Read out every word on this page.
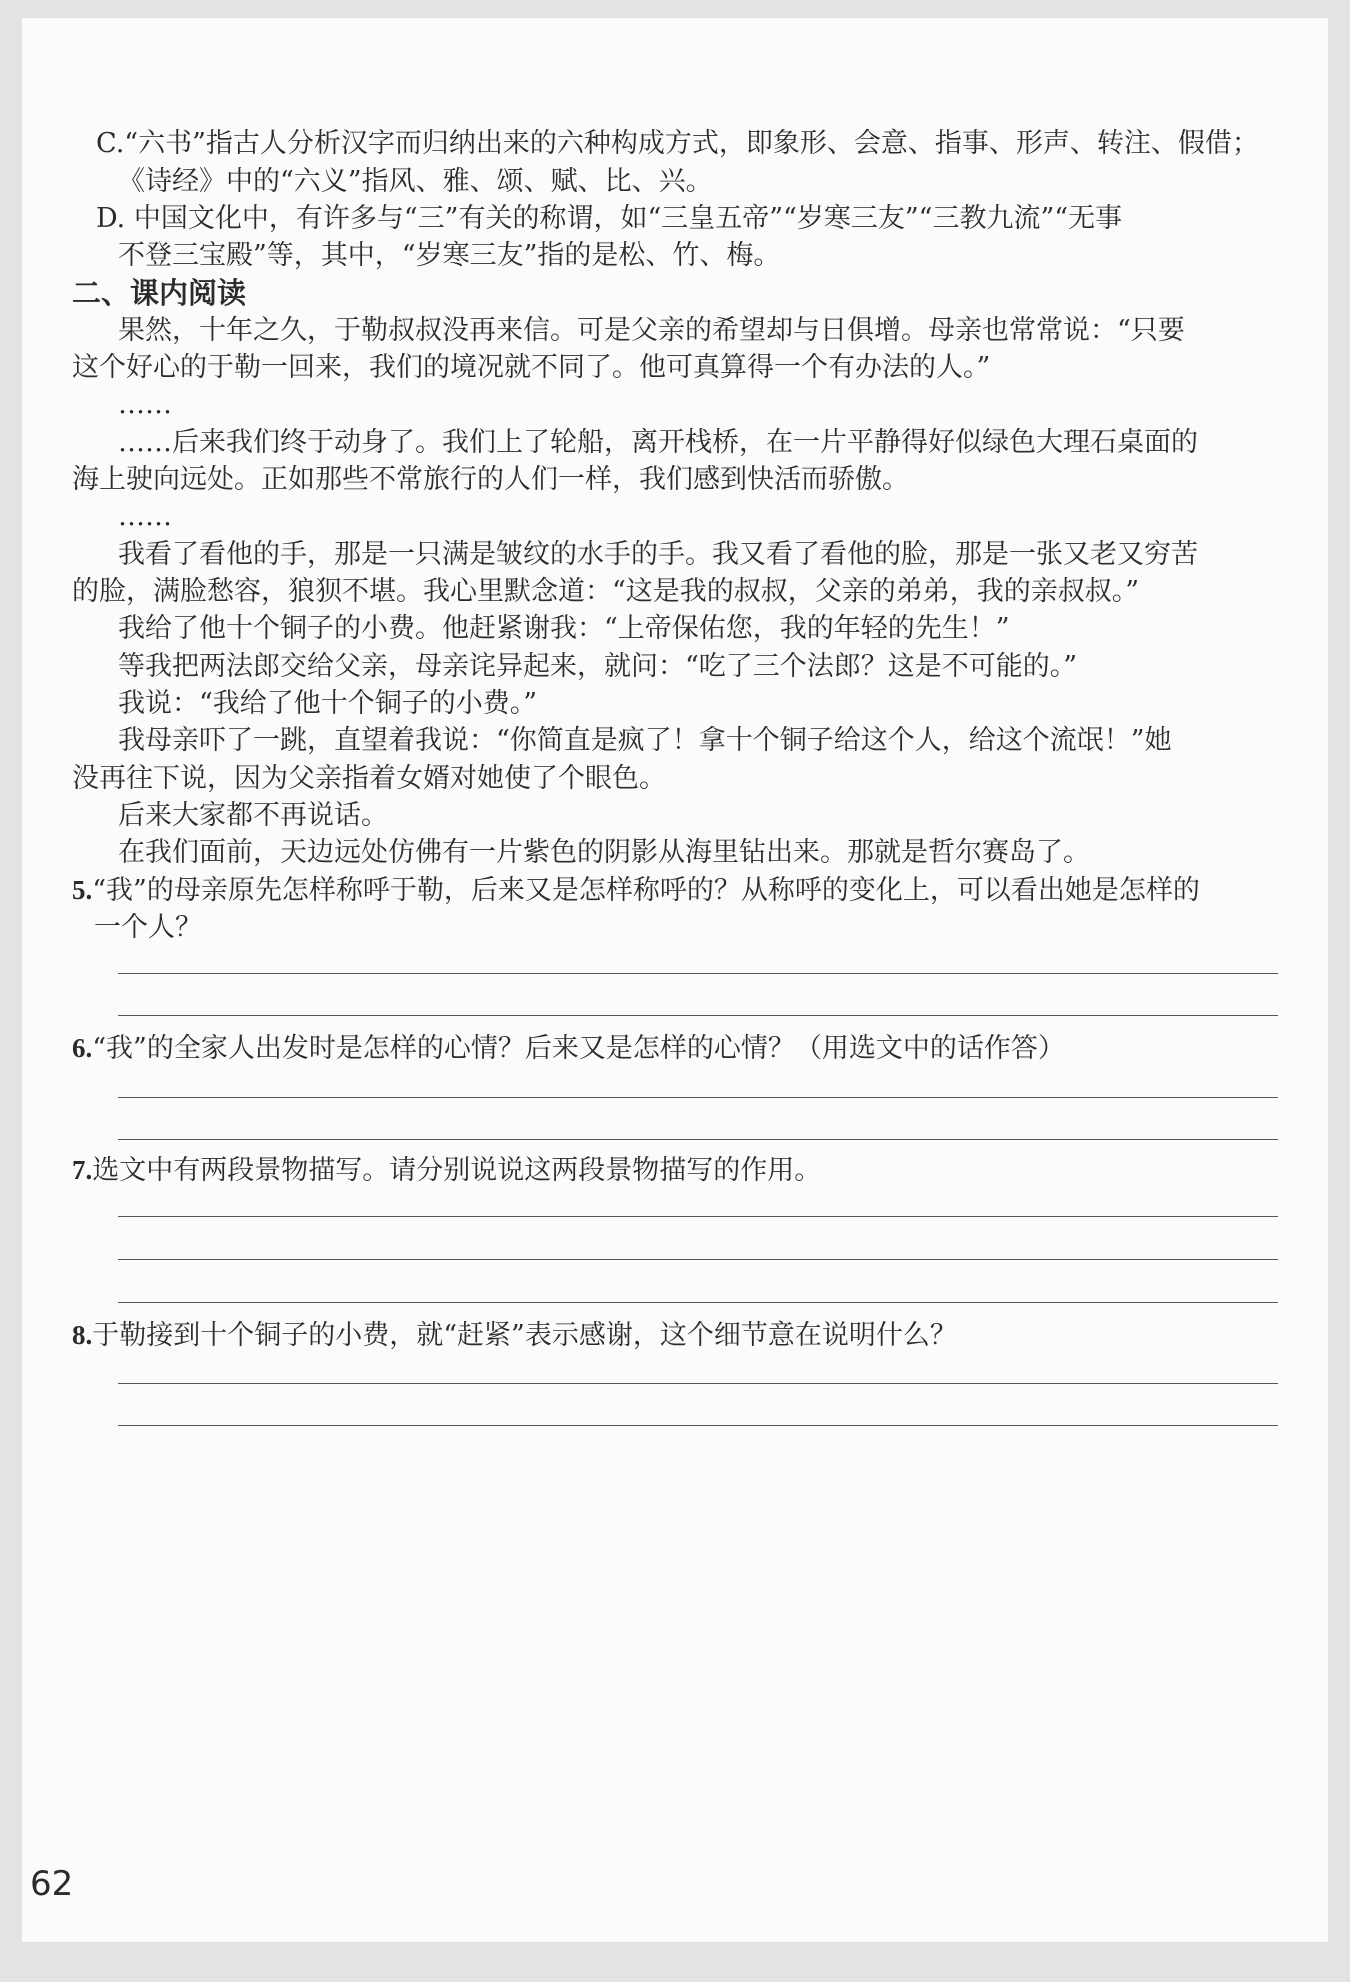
C.“六书”指古人分析汉字而归纳出来的六种构成方式，即象形、会意、指事、形声、转注、假借；
《诗经》中的“六义”指风、雅、颂、赋、比、兴。
D. 中国文化中，有许多与“三”有关的称谓，如“三皇五帝”“岁寒三友”“三教九流”“无事
不登三宝殿”等，其中，“岁寒三友”指的是松、竹、梅。
二、课内阅读
果然，十年之久，于勒叔叔没再来信。可是父亲的希望却与日俱增。母亲也常常说：“只要
这个好心的于勒一回来，我们的境况就不同了。他可真算得一个有办法的人。”
……
……后来我们终于动身了。我们上了轮船，离开栈桥，在一片平静得好似绿色大理石桌面的
海上驶向远处。正如那些不常旅行的人们一样，我们感到快活而骄傲。
……
我看了看他的手，那是一只满是皱纹的水手的手。我又看了看他的脸，那是一张又老又穷苦
的脸，满脸愁容，狼狈不堪。我心里默念道：“这是我的叔叔，父亲的弟弟，我的亲叔叔。”
我给了他十个铜子的小费。他赶紧谢我：“上帝保佑您，我的年轻的先生！”
等我把两法郎交给父亲，母亲诧异起来，就问：“吃了三个法郎？这是不可能的。”
我说：“我给了他十个铜子的小费。”
我母亲吓了一跳，直望着我说：“你简直是疯了！拿十个铜子给这个人，给这个流氓！”她
没再往下说，因为父亲指着女婿对她使了个眼色。
后来大家都不再说话。
在我们面前，天边远处仿佛有一片紫色的阴影从海里钻出来。那就是哲尔赛岛了。
5.“我”的母亲原先怎样称呼于勒，后来又是怎样称呼的？从称呼的变化上，可以看出她是怎样的
一个人？
6.“我”的全家人出发时是怎样的心情？后来又是怎样的心情？（用选文中的话作答）
7.选文中有两段景物描写。请分别说说这两段景物描写的作用。
8.于勒接到十个铜子的小费，就“赶紧”表示感谢，这个细节意在说明什么？
62
